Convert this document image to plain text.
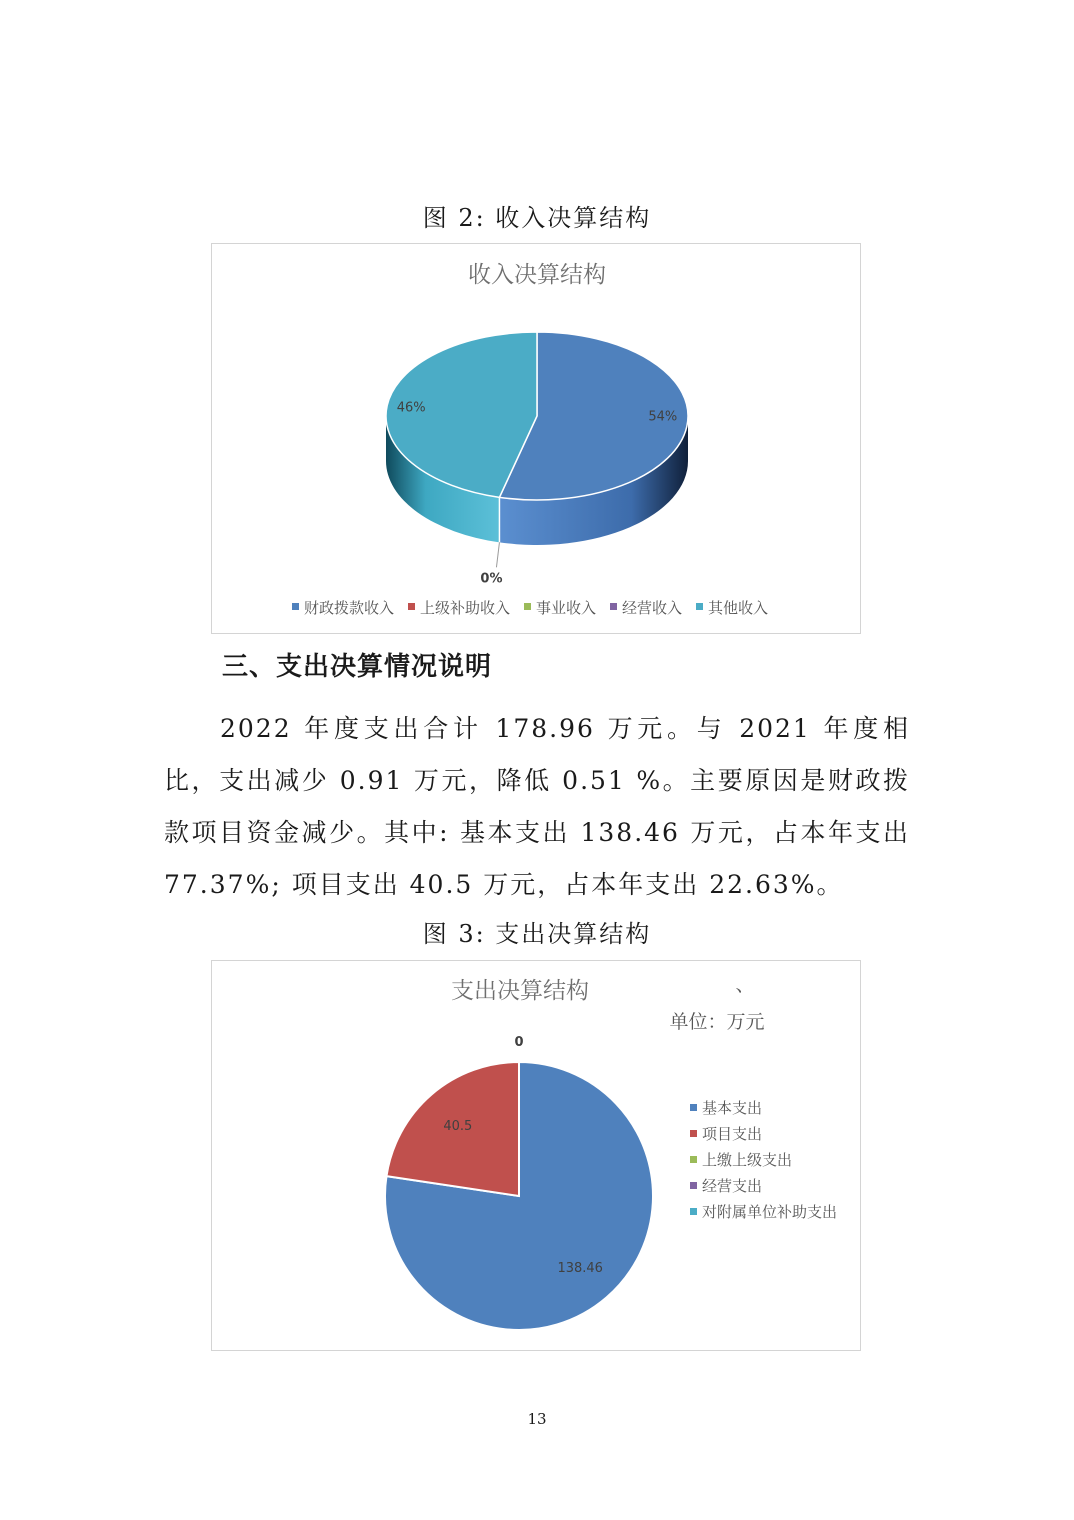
图 2: 收入决算结构
收入决算结构
54%
46%
0%
财政拨款收入 上级补助收入 事业收入 经营收入 其他收入
三、支出决算情况说明
2022 年度支出合计 178.96 万元。与 2021 年度相比，支出减少 0.91 万元，降低 0.51 %。主要原因是财政拨款项目资金减少。其中: 基本支出 138.46 万元，占本年支出 77.37%; 项目支出 40.5 万元，占本年支出 22.63%。
图 3: 支出决算结构
支出决算结构	、
单位：万元
138.46
40.5
0
基本支出
项目支出
上缴上级支出
经营支出
对附属单位补助支出
13
